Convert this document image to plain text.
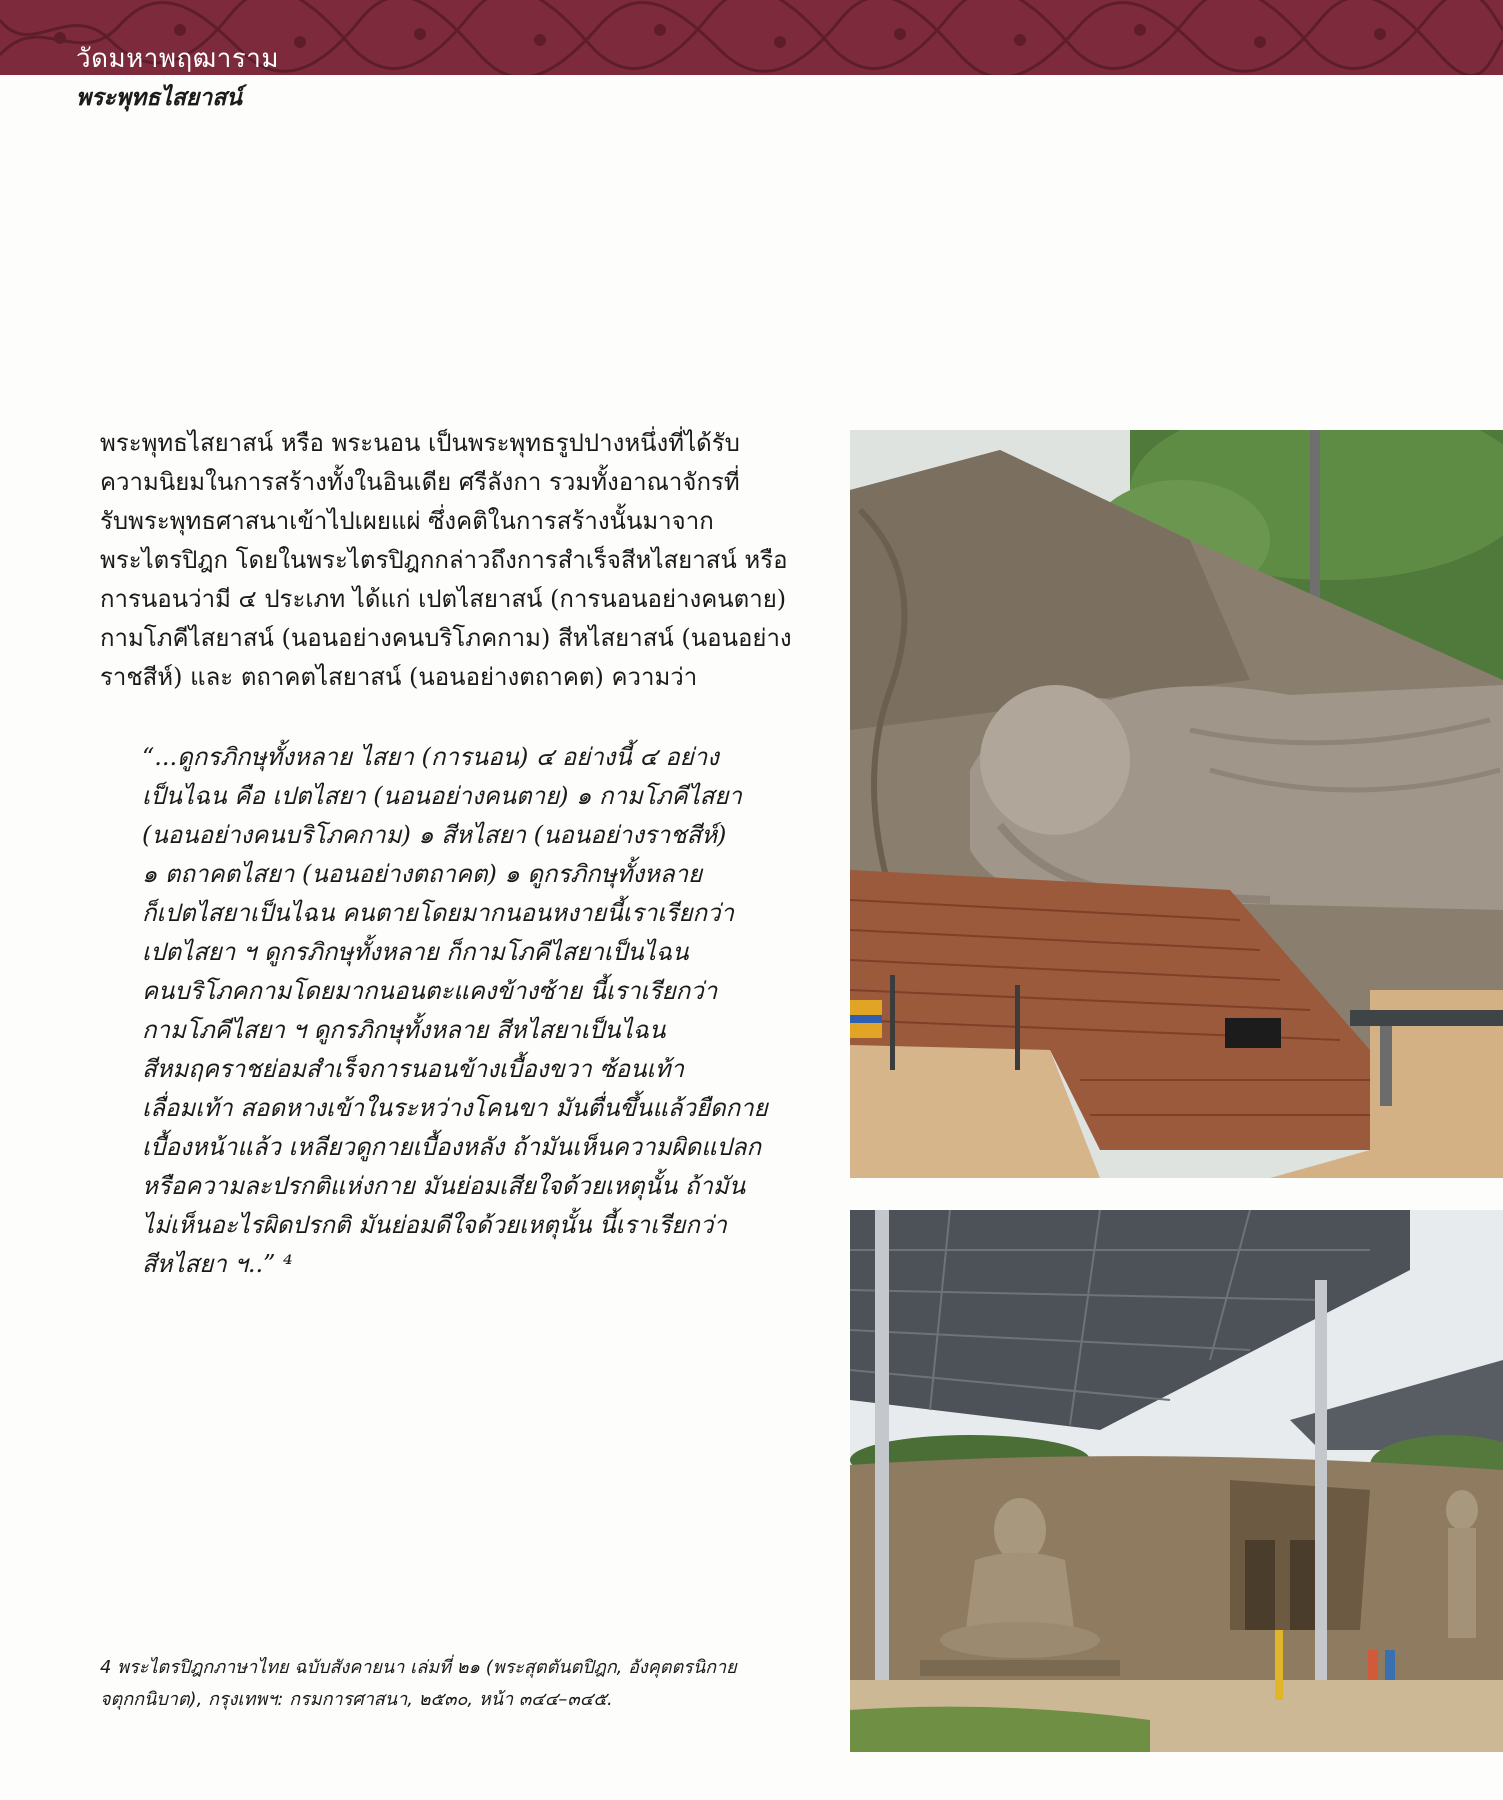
วัดมหาพฤฒาราม
พระพุทธไสยาสน์
พระพุทธไสยาสน์ หรือ พระนอน เป็นพระพุทธรูปปางหนึ่งที่ได้รับ
ความนิยมในการสร้างทั้งในอินเดีย ศรีลังกา รวมทั้งอาณาจักรที่
รับพระพุทธศาสนาเข้าไปเผยแผ่ ซึ่งคติในการสร้างนั้นมาจาก
พระไตรปิฎก โดยในพระไตรปิฎกกล่าวถึงการสำเร็จสีหไสยาสน์ หรือ
การนอนว่ามี ๔ ประเภท ได้แก่ เปตไสยาสน์ (การนอนอย่างคนตาย)
กามโภคีไสยาสน์ (นอนอย่างคนบริโภคกาม) สีหไสยาสน์ (นอนอย่าง
ราชสีห์) และ ตถาคตไสยาสน์ (นอนอย่างตถาคต) ความว่า
“...ดูกรภิกษุทั้งหลาย ไสยา (การนอน) ๔ อย่างนี้ ๔ อย่าง
เป็นไฉน คือ เปตไสยา (นอนอย่างคนตาย) ๑ กามโภคีไสยา
(นอนอย่างคนบริโภคกาม) ๑ สีหไสยา (นอนอย่างราชสีห์)
๑ ตถาคตไสยา (นอนอย่างตถาคต) ๑ ดูกรภิกษุทั้งหลาย
ก็เปตไสยาเป็นไฉน คนตายโดยมากนอนหงายนี้เราเรียกว่า
เปตไสยา ฯ ดูกรภิกษุทั้งหลาย ก็กามโภคีไสยาเป็นไฉน
คนบริโภคกามโดยมากนอนตะแคงข้างซ้าย นี้เราเรียกว่า
กามโภคีไสยา ฯ ดูกรภิกษุทั้งหลาย สีหไสยาเป็นไฉน
สีหมฤคราชย่อมสำเร็จการนอนข้างเบื้องขวา ซ้อนเท้า
เลื่อมเท้า สอดหางเข้าในระหว่างโคนขา มันตื่นขึ้นแล้วยืดกาย
เบื้องหน้าแล้ว เหลียวดูกายเบื้องหลัง ถ้ามันเห็นความผิดแปลก
หรือความละปรกติแห่งกาย มันย่อมเสียใจด้วยเหตุนั้น ถ้ามัน
ไม่เห็นอะไรผิดปรกติ มันย่อมดีใจด้วยเหตุนั้น นี้เราเรียกว่า
สีหไสยา ฯ..” ⁴
4 พระไตรปิฎกภาษาไทย ฉบับสังคายนา เล่มที่ ๒๑ (พระสุตตันตปิฎก, อังคุตตรนิกาย
จตุกกนิบาต), กรุงเทพฯ: กรมการศาสนา, ๒๕๓๐, หน้า ๓๔๔–๓๔๕.
